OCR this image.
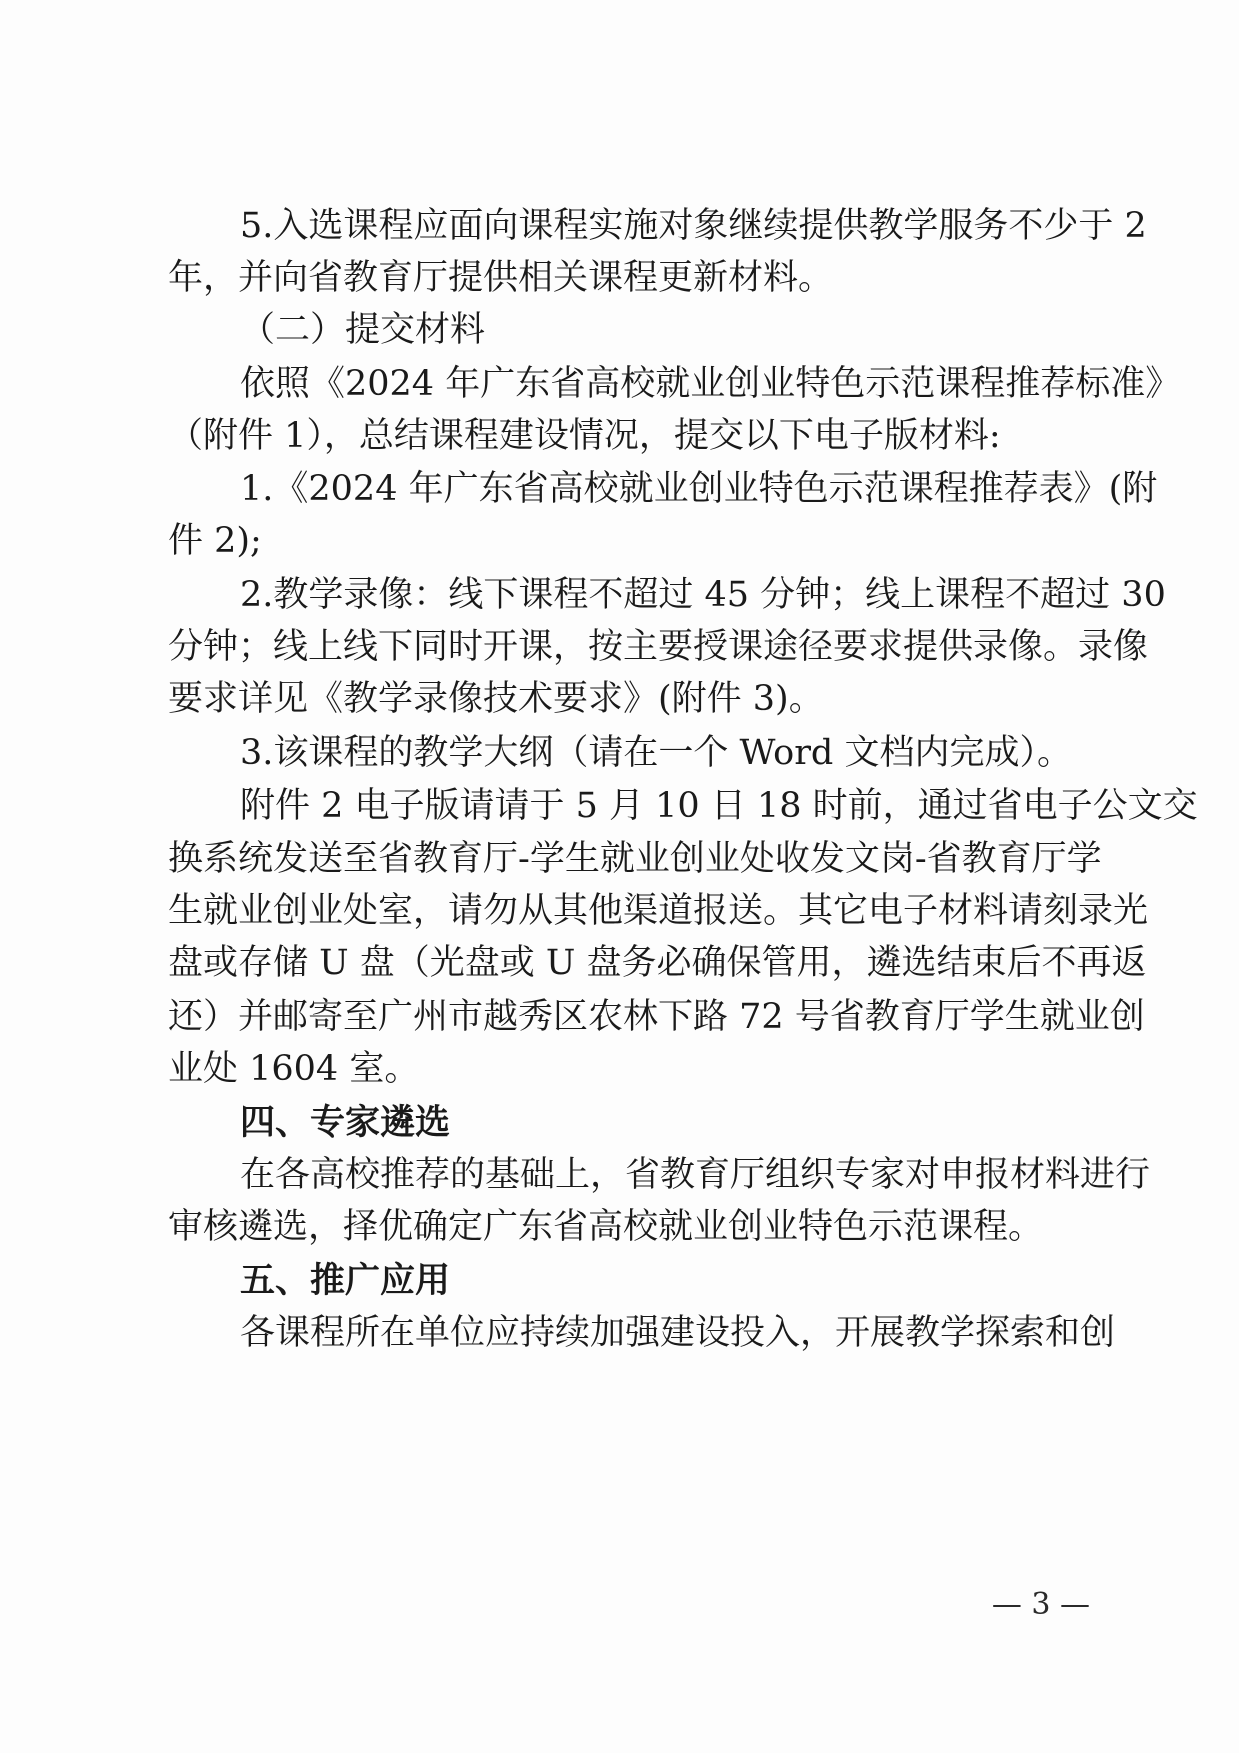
5.入选课程应面向课程实施对象继续提供教学服务不少于 2

年，并向省教育厅提供相关课程更新材料。

（二）提交材料

依照《2024 年广东省高校就业创业特色示范课程推荐标准》

（附件 1），总结课程建设情况，提交以下电子版材料:

1.《2024 年广东省高校就业创业特色示范课程推荐表》(附

件 2);

2.教学录像：线下课程不超过 45 分钟；线上课程不超过 30

分钟；线上线下同时开课，按主要授课途径要求提供录像。录像

要求详见《教学录像技术要求》(附件 3)。

3.该课程的教学大纲（请在一个 Word 文档内完成）。

附件 2 电子版请请于 5 月 10 日 18 时前，通过省电子公文交

换系统发送至省教育厅-学生就业创业处收发文岗-省教育厅学

生就业创业处室，请勿从其他渠道报送。其它电子材料请刻录光

盘或存储 U 盘（光盘或 U 盘务必确保管用，遴选结束后不再返

还）并邮寄至广州市越秀区农林下路 72 号省教育厅学生就业创

业处 1604 室。

四、专家遴选

在各高校推荐的基础上，省教育厅组织专家对申报材料进行

审核遴选，择优确定广东省高校就业创业特色示范课程。

五、推广应用

各课程所在单位应持续加强建设投入，开展教学探索和创

— 3 —
